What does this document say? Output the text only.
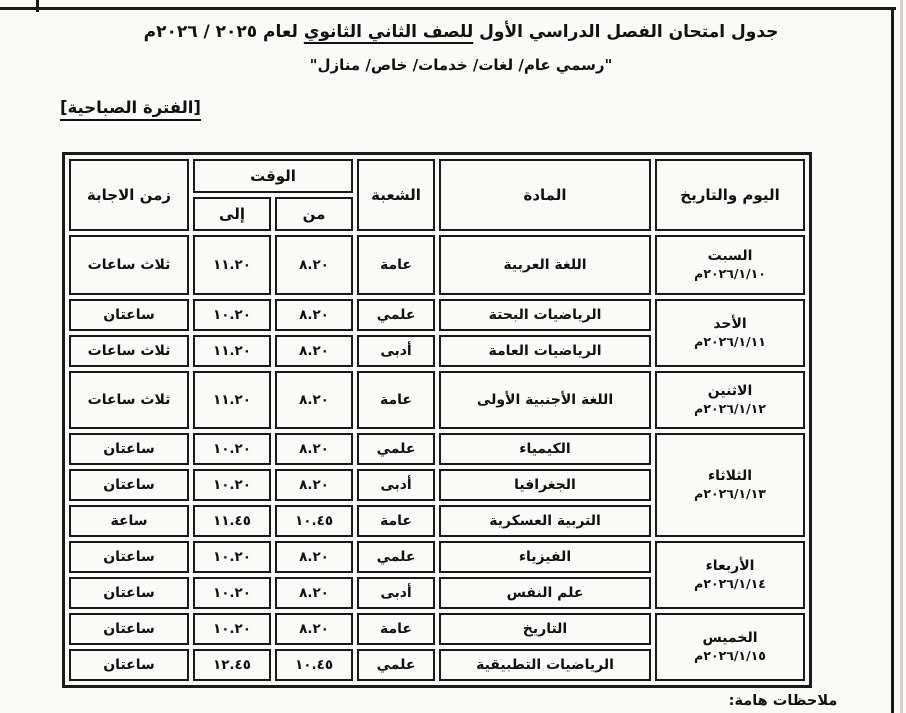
جدول امتحان الفصل الدراسي الأول للصف الثاني الثانوي لعام ٢٠٢٥ / ٢٠٢٦م
"رسمي عام/ لغات/ خدمات/ خاص/ منازل"
[الفترة الصباحية]
اليوم والتاريخ	المادة	الشعبة	الوقت		زمن الاجابة
			من	إلى	

السبت
٢٠٢٦/١/١٠م	اللغة العربية	عامة	٨.٢٠	١١.٢٠	ثلاث ساعات

الأحد
٢٠٢٦/١/١١م	الرياضيات البحتة	علمي	٨.٢٠	١٠.٢٠	ساعتان
	الرياضيات العامة	أدبى	٨.٢٠	١١.٢٠	ثلاث ساعات

الاثنين
٢٠٢٦/١/١٢م	اللغة الأجنبية الأولى	عامة	٨.٢٠	١١.٢٠	ثلاث ساعات

الثلاثاء
٢٠٢٦/١/١٣م	الكيمياء	علمي	٨.٢٠	١٠.٢٠	ساعتان
	الجغرافيا	أدبى	٨.٢٠	١٠.٢٠	ساعتان
	التربية العسكرية	عامة	١٠.٤٥	١١.٤٥	ساعة

الأربعاء
٢٠٢٦/١/١٤م	الفيزياء	علمي	٨.٢٠	١٠.٢٠	ساعتان
	علم النفس	أدبى	٨.٢٠	١٠.٢٠	ساعتان

الخميس
٢٠٢٦/١/١٥م	التاريخ	عامة	٨.٢٠	١٠.٢٠	ساعتان
	الرياضيات التطبيقية	علمي	١٠.٤٥	١٢.٤٥	ساعتان
ملاحظات هامة:
